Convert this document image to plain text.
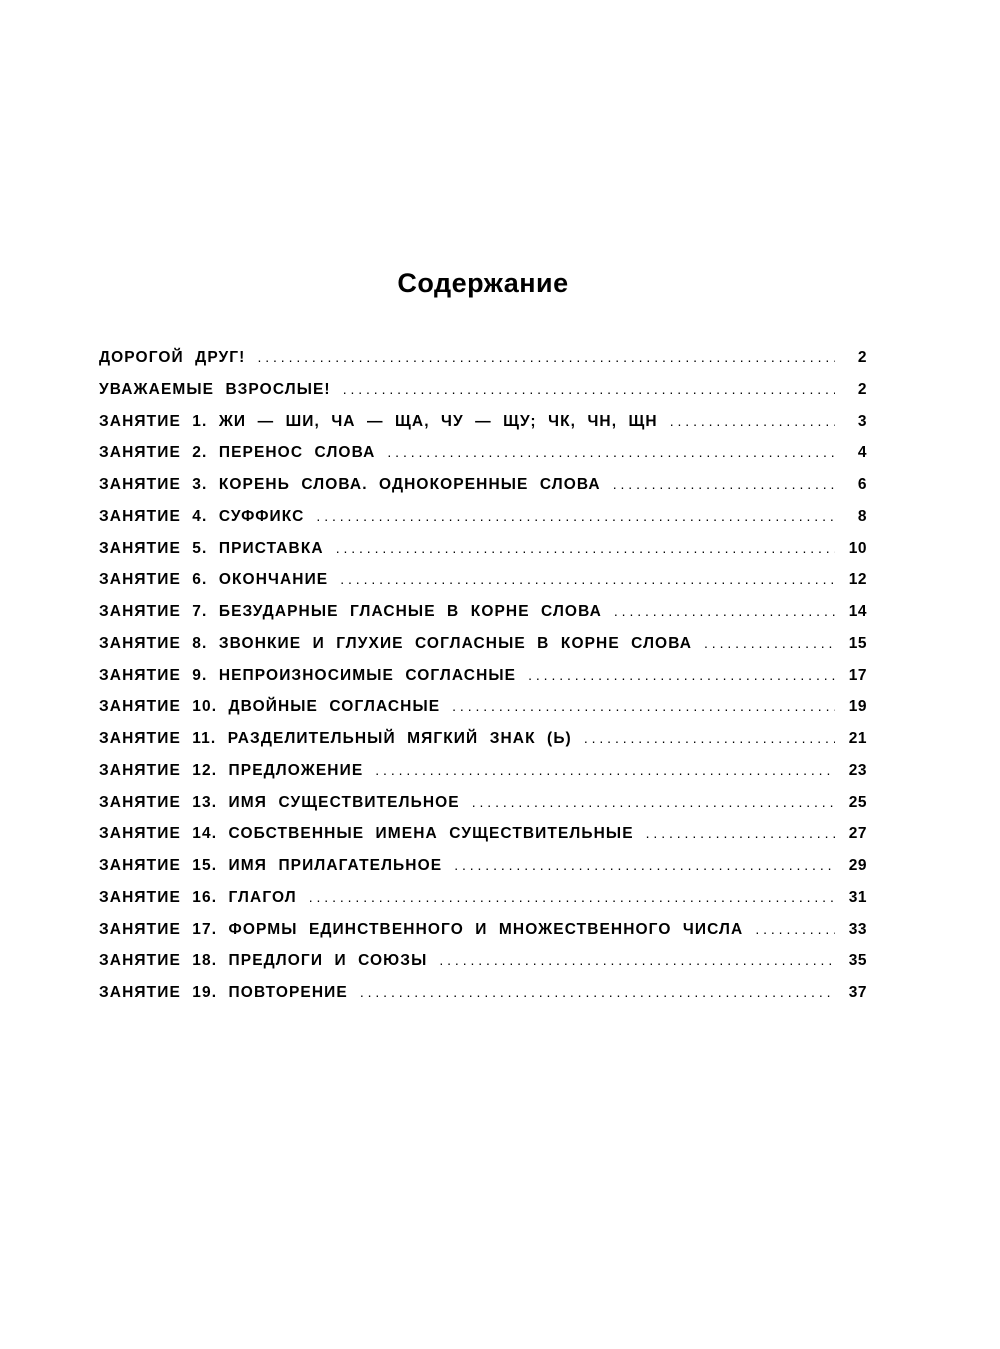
Содержание
ДОРОГОЙ ДРУГ! . . .	2
УВАЖАЕМЫЕ ВЗРОСЛЫЕ! . . .	2
ЗАНЯТИЕ 1. ЖИ — ШИ, ЧА — ЩА, ЧУ — ЩУ; ЧК, ЧН, ЩН . . .	3
ЗАНЯТИЕ 2. ПЕРЕНОС СЛОВА . . .	4
ЗАНЯТИЕ 3. КОРЕНЬ СЛОВА. ОДНОКОРЕННЫЕ СЛОВА . . .	6
ЗАНЯТИЕ 4. СУФФИКС . . .	8
ЗАНЯТИЕ 5. ПРИСТАВКА . . .	10
ЗАНЯТИЕ 6. ОКОНЧАНИЕ . . .	12
ЗАНЯТИЕ 7. БЕЗУДАРНЫЕ ГЛАСНЫЕ В КОРНЕ СЛОВА . . .	14
ЗАНЯТИЕ 8. ЗВОНКИЕ И ГЛУХИЕ СОГЛАСНЫЕ В КОРНЕ СЛОВА . . .	15
ЗАНЯТИЕ 9. НЕПРОИЗНОСИМЫЕ СОГЛАСНЫЕ . . .	17
ЗАНЯТИЕ 10. ДВОЙНЫЕ СОГЛАСНЫЕ . . .	19
ЗАНЯТИЕ 11. РАЗДЕЛИТЕЛЬНЫЙ МЯГКИЙ ЗНАК (Ь) . . .	21
ЗАНЯТИЕ 12. ПРЕДЛОЖЕНИЕ . . .	23
ЗАНЯТИЕ 13. ИМЯ СУЩЕСТВИТЕЛЬНОЕ . . .	25
ЗАНЯТИЕ 14. СОБСТВЕННЫЕ ИМЕНА СУЩЕСТВИТЕЛЬНЫЕ . . .	27
ЗАНЯТИЕ 15. ИМЯ ПРИЛАГАТЕЛЬНОЕ . . .	29
ЗАНЯТИЕ 16. ГЛАГОЛ . . .	31
ЗАНЯТИЕ 17. ФОРМЫ ЕДИНСТВЕННОГО И МНОЖЕСТВЕННОГО ЧИСЛА . . .	33
ЗАНЯТИЕ 18. ПРЕДЛОГИ И СОЮЗЫ . . .	35
ЗАНЯТИЕ 19. ПОВТОРЕНИЕ . . .	37
